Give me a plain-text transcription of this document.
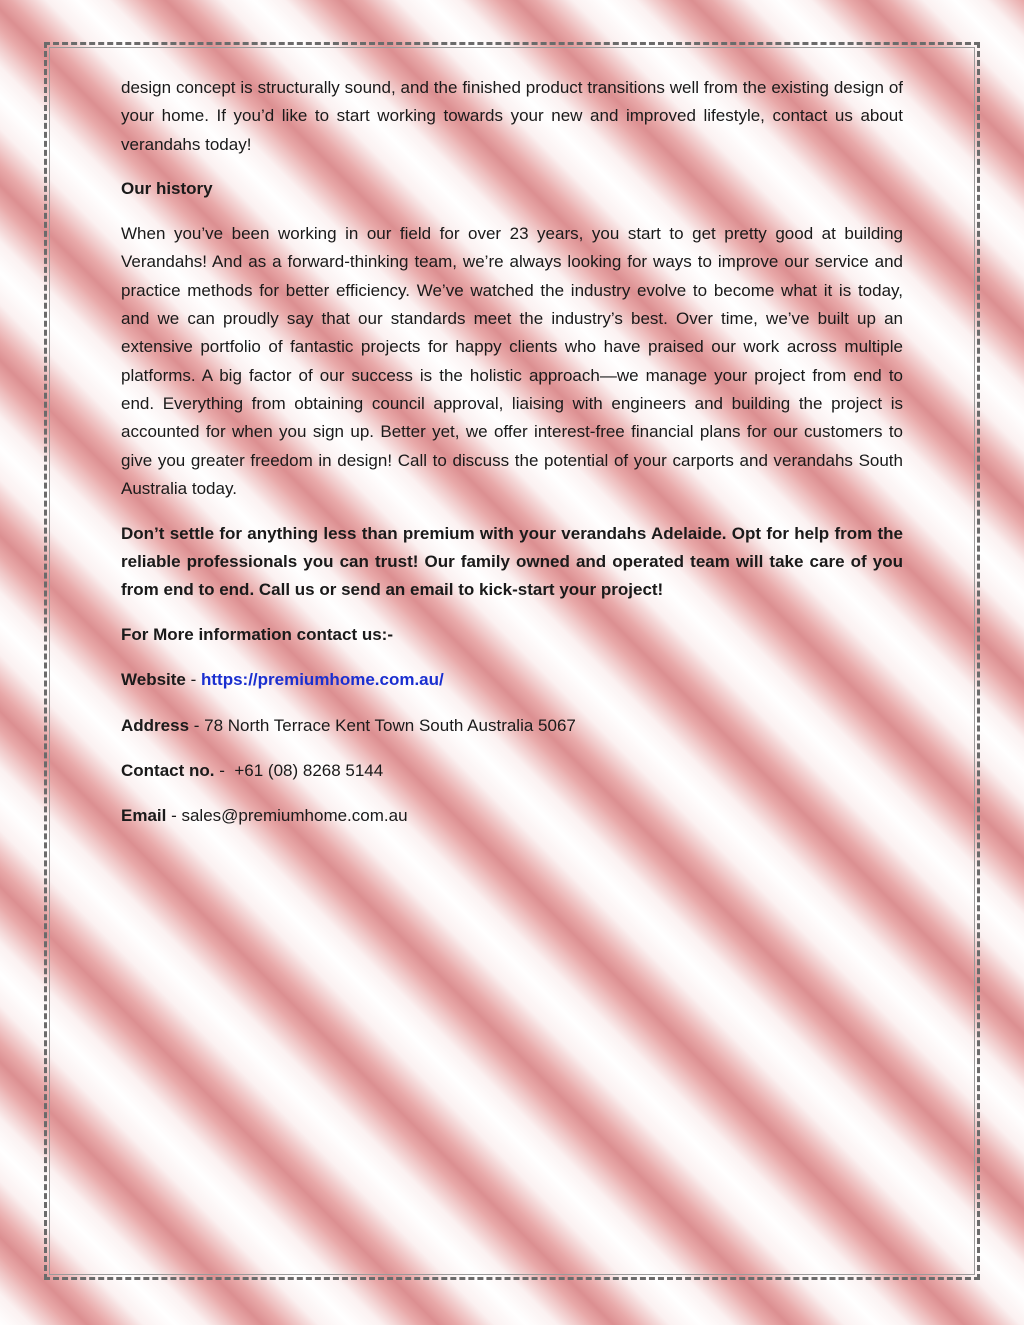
design concept is structurally sound, and the finished product transitions well from the existing design of your home. If you’d like to start working towards your new and improved lifestyle, contact us about verandahs today!

Our history

When you’ve been working in our field for over 23 years, you start to get pretty good at building Verandahs! And as a forward-thinking team, we’re always looking for ways to improve our service and practice methods for better efficiency. We’ve watched the industry evolve to become what it is today, and we can proudly say that our standards meet the industry’s best. Over time, we’ve built up an extensive portfolio of fantastic projects for happy clients who have praised our work across multiple platforms. A big factor of our success is the holistic approach—we manage your project from end to end. Everything from obtaining council approval, liaising with engineers and building the project is accounted for when you sign up. Better yet, we offer interest-free financial plans for our customers to give you greater freedom in design! Call to discuss the potential of your carports and verandahs South Australia today.

Don’t settle for anything less than premium with your verandahs Adelaide. Opt for help from the reliable professionals you can trust! Our family owned and operated team will take care of you from end to end. Call us or send an email to kick-start your project!

For More information contact us:-

Website - https://premiumhome.com.au/

Address - 78 North Terrace Kent Town South Australia 5067

Contact no. -  +61 (08) 8268 5144

Email - sales@premiumhome.com.au
